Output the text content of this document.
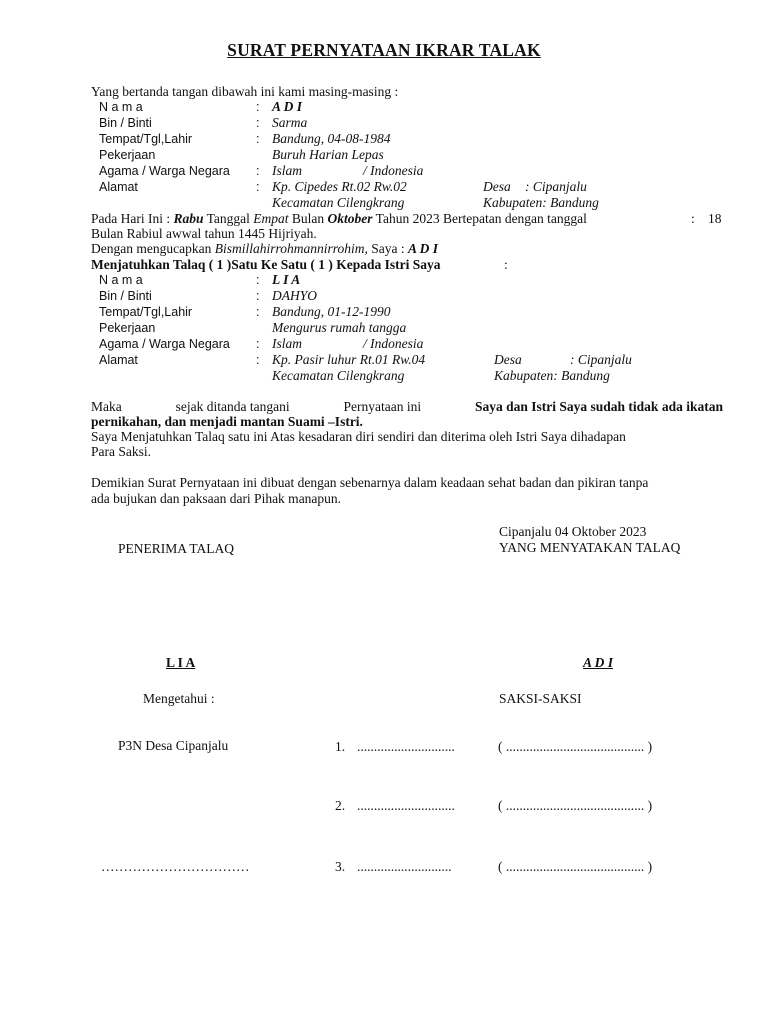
SURAT PERNYATAAN IKRAR TALAK
Yang bertanda tangan dibawah ini kami masing-masing :
N a m a	: A D I
Bin / Binti	: Sarma
Tempat/Tgl,Lahir	: Bandung, 04-08-1984
Pekerjaan	Buruh Harian Lepas
Agama / Warga Negara : Islam	/ Indonesia
Alamat	: Kp. Cipedes Rt.02 Rw.02	Desa : Cipanjalu
Kecamatan Cilengkrang	Kabupaten: Bandung
Pada Hari Ini : Rabu Tanggal Empat Bulan Oktober Tahun 2023 Bertepatan dengan tanggal	: 18
Bulan Rabiul awwal tahun 1445 Hijriyah.
Dengan mengucapkan Bismillahirrohmannirrohim, Saya : A D I
Menjatuhkan Talaq ( 1 )Satu Ke Satu ( 1 ) Kepada Istri Saya	:
N a m a	: L I A
Bin / Binti	: DAHYO
Tempat/Tgl,Lahir	: Bandung, 01-12-1990
Pekerjaan	Mengurus rumah tangga
Agama / Warga Negara : Islam	/ Indonesia
Alamat	: Kp. Pasir luhur Rt.01 Rw.04	Desa	: Cipanjalu
Kecamatan Cilengkrang	Kabupaten: Bandung
Maka	sejak ditanda tangani	Pernyataan ini	Saya dan Istri Saya sudah tidak ada ikatan
pernikahan, dan menjadi mantan Suami –Istri.
Saya Menjatuhkan Talaq satu ini Atas kesadaran diri sendiri dan diterima oleh Istri Saya dihadapan
Para Saksi.
Demikian Surat Pernyataan ini dibuat dengan sebenarnya dalam keadaan sehat badan dan pikiran tanpa
ada bujukan dan paksaan dari Pihak manapun.
Cipanjalu 04 Oktober 2023
PENERIMA TALAQ	YANG MENYATAKAN TALAQ
L I A	A D I
Mengetahui :	SAKSI-SAKSI
P3N Desa Cipanjalu	1. .............................	( ......................................... )
2. .............................	( ......................................... )
……………………………	3. ............................	( ......................................... )
